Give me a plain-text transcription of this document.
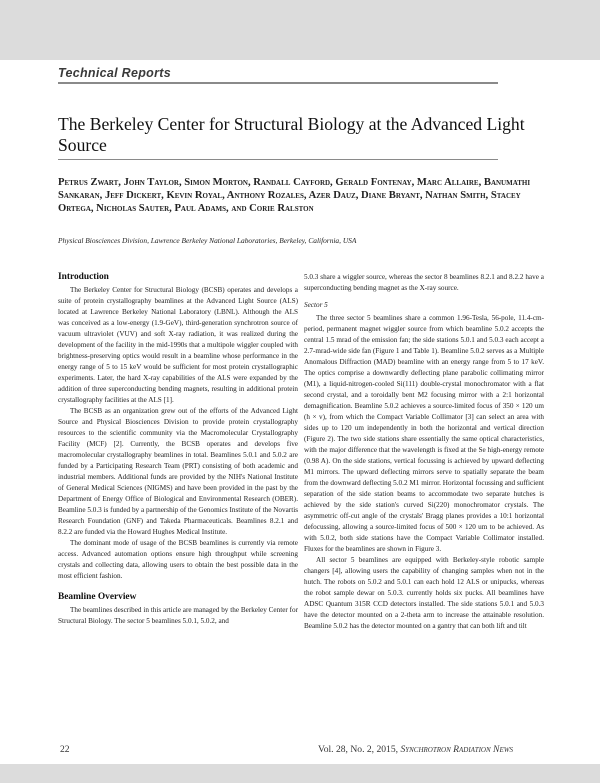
Technical Reports
The Berkeley Center for Structural Biology at the Advanced Light Source
Petrus Zwart, John Taylor, Simon Morton, Randall Cayford, Gerald Fontenay, Marc Allaire, Banumathi Sankaran, Jeff Dickert, Kevin Royal, Anthony Rozales, Azer Dauz, Diane Bryant, Nathan Smith, Stacey Ortega, Nicholas Sauter, Paul Adams, and Corie Ralston
Physical Biosciences Division, Lawrence Berkeley National Laboratories, Berkeley, California, USA
Introduction

The Berkeley Center for Structural Biology (BCSB) operates and develops a suite of protein crystallography beamlines at the Advanced Light Source (ALS) located at Lawrence Berkeley National Laboratory (LBNL). Although the ALS was conceived as a low-energy (1.9-GeV), third-generation synchrotron source of vacuum ultraviolet (VUV) and soft X-ray radiation, it was realized during the development of the facility in the mid-1990s that a multipole wiggler coupled with brightness-preserving optics would result in a beamline whose performance in the energy range of 5 to 15 keV would be sufficient for most protein crystallographic experiments. Later, the hard X-ray capabilities of the ALS were expanded by the addition of three superconducting bending magnets, resulting in additional protein crystallography facilities at the ALS [1].

The BCSB as an organization grew out of the efforts of the Advanced Light Source and Physical Biosciences Division to provide protein crystallography resources to the scientific community via the Macromolecular Crystallography Facility (MCF) [2]. Currently, the BCSB operates and develops five macromolecular crystallography beamlines in total. Beamlines 5.0.1 and 5.0.2 are funded by a Participating Research Team (PRT) consisting of both academic and industrial members. Additional funds are provided by the NIH's National Institute of General Medical Sciences (NIGMS) and have been provided in the past by the Department of Energy Office of Biological and Environmental Research (OBER). Beamline 5.0.3 is funded by a partnership of the Genomics Institute of the Novartis Research Foundation (GNF) and Takeda Pharmaceuticals. Beamlines 8.2.1 and 8.2.2 are funded via the Howard Hughes Medical Institute.

The dominant mode of usage of the BCSB beamlines is currently via remote access. Advanced automation options ensure high throughput while screening crystals and collecting data, allowing users to obtain the best possible data in the most efficient fashion.

Beamline Overview

The beamlines described in this article are managed by the Berkeley Center for Structural Biology. The sector 5 beamlines 5.0.1, 5.0.2, and

5.0.3 share a wiggler source, whereas the sector 8 beamlines 8.2.1 and 8.2.2 have a superconducting bending magnet as the X-ray source.

Sector 5

The three sector 5 beamlines share a common 1.96-Tesla, 56-pole, 11.4-cm-period, permanent magnet wiggler source from which beamline 5.0.2 accepts the central 1.5 mrad of the emission fan; the side stations 5.0.1 and 5.0.3 each accept a 2.7-mrad-wide side fan (Figure 1 and Table 1). Beamline 5.0.2 serves as a Multiple Anomalous Diffraction (MAD) beamline with an energy range from 5 to 17 keV. The optics comprise a downwardly deflecting plane parabolic collimating mirror (M1), a liquid-nitrogen-cooled Si(111) double-crystal monochromator with a flat second crystal, and a toroidally bent M2 focusing mirror with a 2:1 horizontal demagnification. Beamline 5.0.2 achieves a source-limited focus of 350 × 120 um (h × v), from which the Compact Variable Collimator [3] can select an area with sides up to 120 um independently in both the horizontal and vertical direction (Figure 2). The two side stations share essentially the same optical characteristics, with the major difference that the wavelength is fixed at the Se high-energy remote (0.98 A). On the side stations, vertical focussing is achieved by upward deflecting M1 mirrors. The upward deflecting mirrors serve to spatially separate the beam from the downward deflecting 5.0.2 M1 mirror. Horizontal focussing and sufficient separation of the side station beams to accommodate two separate hutches is achieved by the side station's curved Si(220) monochromator crystals. The asymmetric off-cut angle of the crystals' Bragg planes provides a 10:1 horizontal defocussing, allowing a source-limited focus of 500 × 120 um to be achieved. As with 5.0.2, both side stations have the Compact Variable Collimator installed. Fluxes for the beamlines are shown in Figure 3.

All sector 5 beamlines are equipped with Berkeley-style robotic sample changers [4], allowing users the capability of changing samples when not in the hutch. The robots on 5.0.2 and 5.0.1 can each hold 12 ALS or unipucks, whereas the robot sample dewar on 5.0.3. currently holds six pucks. All beamlines have ADSC Quantum 315R CCD detectors installed. The side stations 5.0.1 and 5.0.3 have the detector mounted on a 2-theta arm to increase the attainable resolution. Beamline 5.0.2 has the detector mounted on a gantry that can both lift and tilt

22	Vol. 28, No. 2, 2015, Synchrotron Radiation News
